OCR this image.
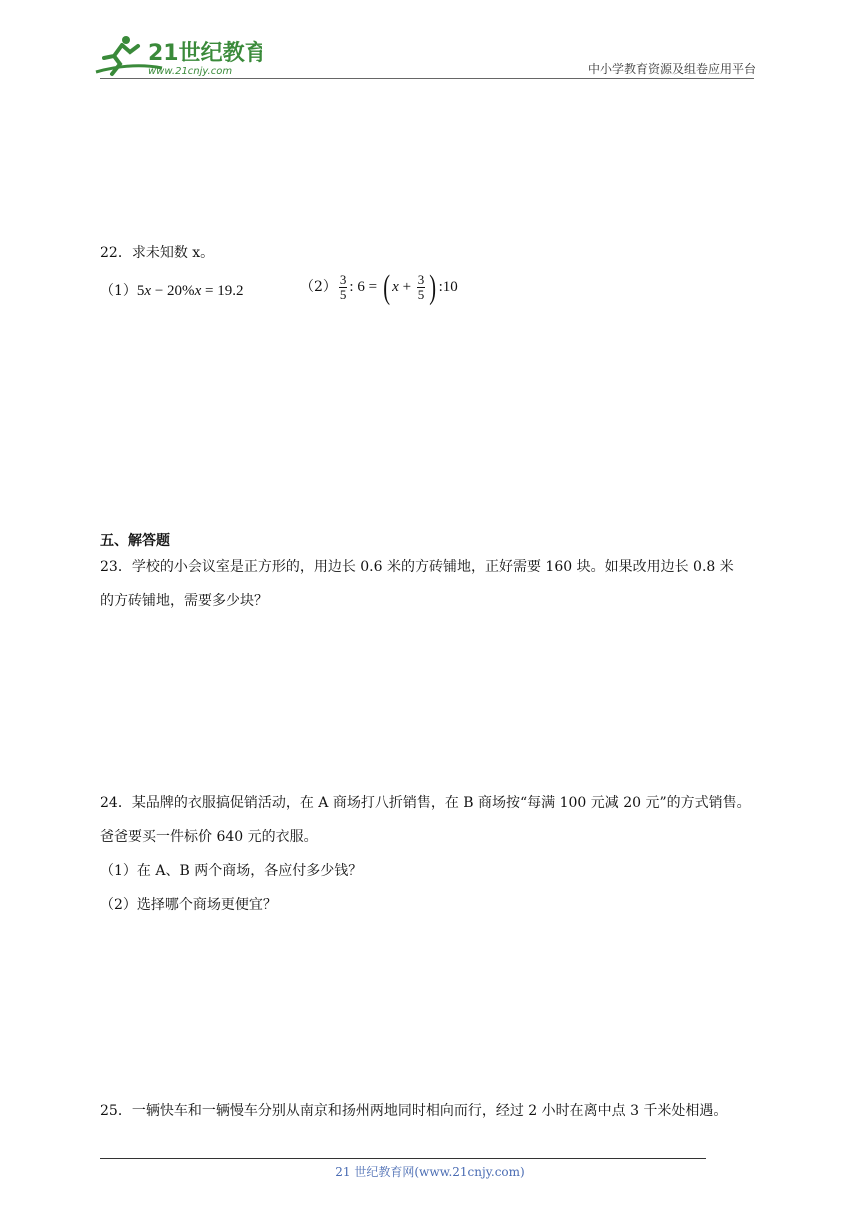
21世纪教育
www.21cnjy.com	中小学教育资源及组卷应用平台
22．求未知数 x。
（1）5x − 20%x = 19.2	$(2) \frac{3}{5}$ : 6 = ( $x + \frac{3}{5}$ ) :10
五、解答题
23．学校的小会议室是正方形的，用边长 0.6 米的方砖铺地，正好需要 160 块。如果改用边长 0.8 米
的方砖铺地，需要多少块？
24．某品牌的衣服搞促销活动，在 A 商场打八折销售，在 B 商场按“每满 100 元减 20 元”的方式销售。
爸爸要买一件标价 640 元的衣服。
（1）在 A、B 两个商场，各应付多少钱？
（2）选择哪个商场更便宜？
25．一辆快车和一辆慢车分别从南京和扬州两地同时相向而行，经过 2 小时在离中点 3 千米处相遇。
21 世纪教育网(www.21cnjy.com)
